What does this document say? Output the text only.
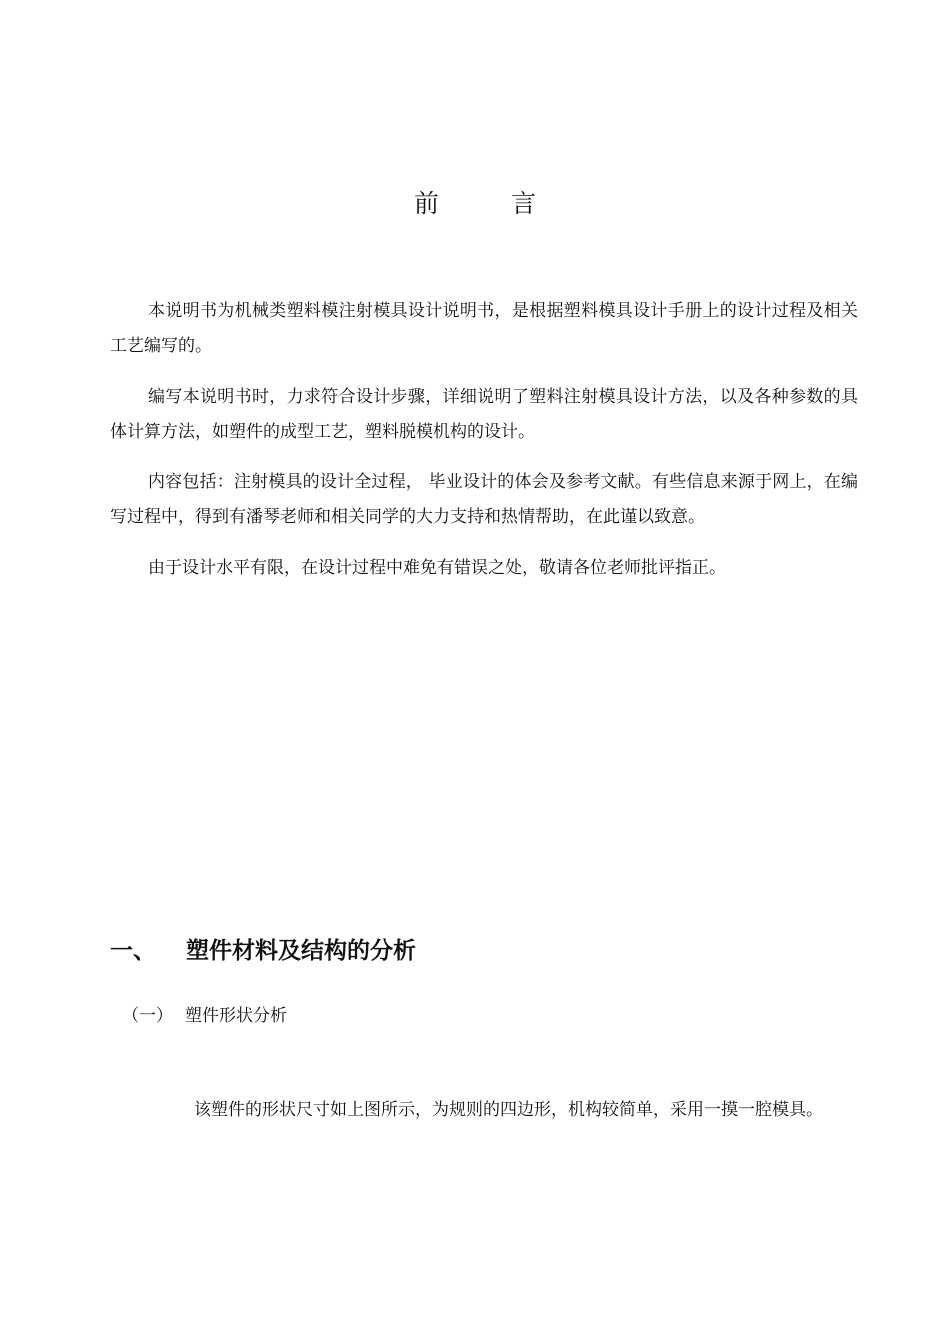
前	言

本说明书为机械类塑料模注射模具设计说明书，是根据塑料模具设计手册上的设计过程及相关工艺编写的。

编写本说明书时，力求符合设计步骤，详细说明了塑料注射模具设计方法，以及各种参数的具体计算方法，如塑件的成型工艺，塑料脱模机构的设计。

内容包括：注射模具的设计全过程， 毕业设计的体会及参考文献。有些信息来源于网上，在编写过程中，得到有潘琴老师和相关同学的大力支持和热情帮助，在此谨以致意。

由于设计水平有限，在设计过程中难免有错误之处，敬请各位老师批评指正。

一、 塑件材料及结构的分析
（一） 塑件形状分析

该塑件的形状尺寸如上图所示，为规则的四边形，机构较简单，采用一摸一腔模具。
